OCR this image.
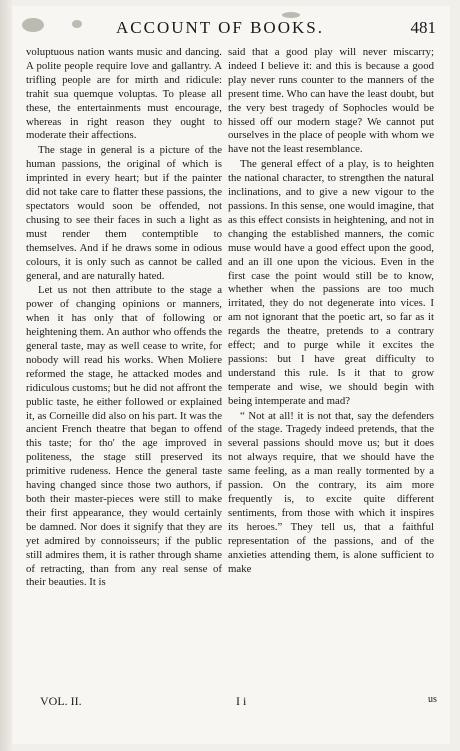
ACCOUNT OF BOOKS.	481

voluptuous nation wants music and dancing. A polite people require love and gallantry. A trifling people are for mirth and ridicule: trahit sua quemque voluptas. To please all these, the entertainments must encourage, whereas in right reason they ought to moderate their affections.

The stage in general is a picture of the human passions, the original of which is imprinted in every heart; but if the painter did not take care to flatter these passions, the spectators would soon be offended, not chusing to see their faces in such a light as must render them contemptible to themselves. And if he draws some in odious colours, it is only such as cannot be called general, and are naturally hated.

Let us not then attribute to the stage a power of changing opinions or manners, when it has only that of following or heightening them. An author who offends the general taste, may as well cease to write, for nobody will read his works. When Moliere reformed the stage, he attacked modes and ridiculous customs; but he did not affront the public taste, he either followed or explained it, as Corneille did also on his part. It was the ancient French theatre that began to offend this taste; for tho' the age improved in politeness, the stage still preserved its primitive rudeness. Hence the general taste having changed since those two authors, if both their master-pieces were still to make their first appearance, they would certainly be damned. Nor does it signify that they are yet admired by connoisseurs; if the public still admires them, it is rather through shame of retracting, than from any real sense of their beauties. It is

said that a good play will never miscarry; indeed I believe it: and this is because a good play never runs counter to the manners of the present time. Who can have the least doubt, but the very best tragedy of Sophocles would be hissed off our modern stage? We cannot put ourselves in the place of people with whom we have not the least resemblance.

The general effect of a play, is to heighten the national character, to strengthen the natural inclinations, and to give a new vigour to the passions. In this sense, one would imagine, that as this effect consists in heightening, and not in changing the established manners, the comic muse would have a good effect upon the good, and an ill one upon the vicious. Even in the first case the point would still be to know, whether when the passions are too much irritated, they do not degenerate into vices. I am not ignorant that the poetic art, so far as it regards the theatre, pretends to a contrary effect; and to purge while it excites the passions: but I have great difficulty to understand this rule. Is it that to grow temperate and wise, we should begin with being intemperate and mad?

“ Not at all! it is not that, say the defenders of the stage. Tragedy indeed pretends, that the several passions should move us; but it does not always require, that we should have the same feeling, as a man really tormented by a passion. On the contrary, its aim more frequently is, to excite quite different sentiments, from those with which it inspires its heroes.” They tell us, that a faithful representation of the passions, and of the anxieties attending them, is alone sufficient to make

VOL. II.	I i	us
